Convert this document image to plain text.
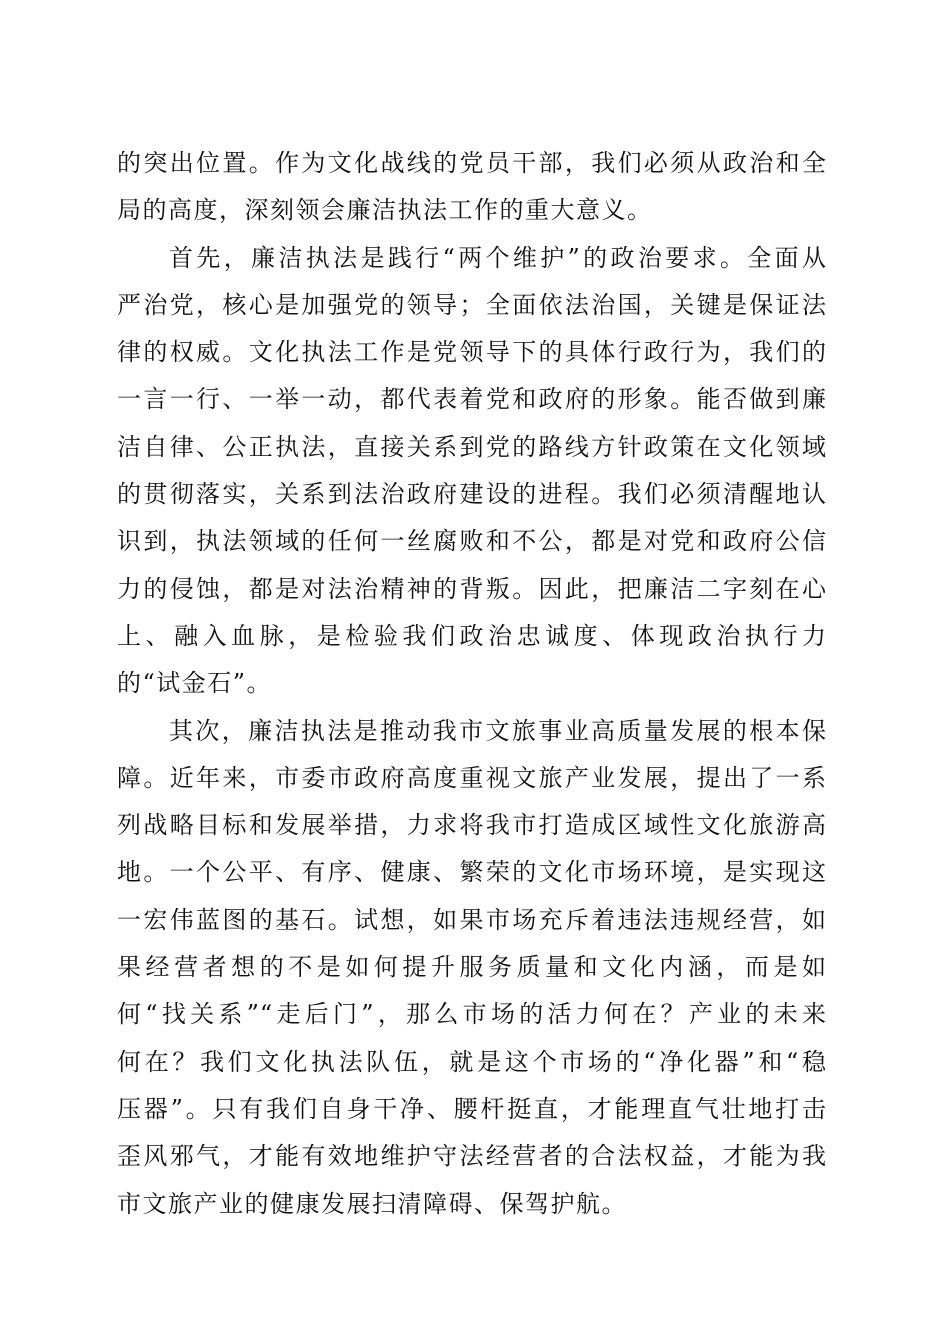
的突出位置。作为文化战线的党员干部，我们必须从政治和全
局的高度，深刻领会廉洁执法工作的重大意义。
首先，廉洁执法是践行“两个维护”的政治要求。全面从
严治党，核心是加强党的领导；全面依法治国，关键是保证法
律的权威。文化执法工作是党领导下的具体行政行为，我们的
一言一行、一举一动，都代表着党和政府的形象。能否做到廉
洁自律、公正执法，直接关系到党的路线方针政策在文化领域
的贯彻落实，关系到法治政府建设的进程。我们必须清醒地认
识到，执法领域的任何一丝腐败和不公，都是对党和政府公信
力的侵蚀，都是对法治精神的背叛。因此，把廉洁二字刻在心
上、融入血脉，是检验我们政治忠诚度、体现政治执行力
的“试金石”。
其次，廉洁执法是推动我市文旅事业高质量发展的根本保
障。近年来，市委市政府高度重视文旅产业发展，提出了一系
列战略目标和发展举措，力求将我市打造成区域性文化旅游高
地。一个公平、有序、健康、繁荣的文化市场环境，是实现这
一宏伟蓝图的基石。试想，如果市场充斥着违法违规经营，如
果经营者想的不是如何提升服务质量和文化内涵，而是如
何“找关系”“走后门”，那么市场的活力何在？产业的未来
何在？我们文化执法队伍，就是这个市场的“净化器”和“稳
压器”。只有我们自身干净、腰杆挺直，才能理直气壮地打击
歪风邪气，才能有效地维护守法经营者的合法权益，才能为我
市文旅产业的健康发展扫清障碍、保驾护航。
